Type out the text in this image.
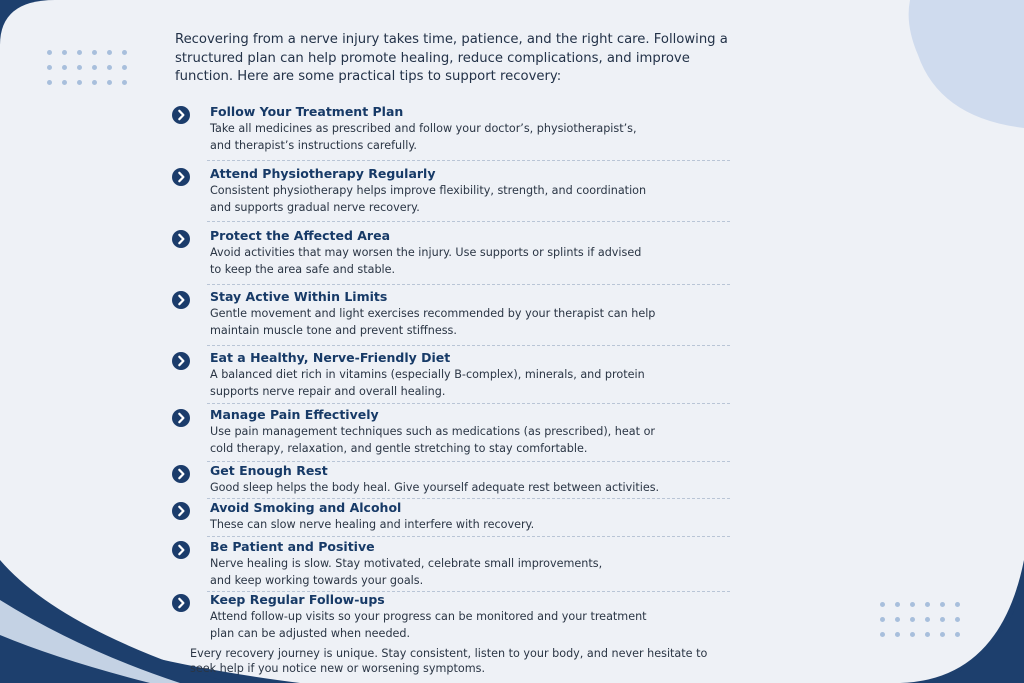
Recovering from a nerve injury takes time, patience, and the right care. Following a structured plan can help promote healing, reduce complications, and improve function. Here are some practical tips to support recovery:

Follow Your Treatment Plan
Take all medicines as prescribed and follow your doctor’s, physiotherapist’s,
and therapist’s instructions carefully.
Attend Physiotherapy Regularly
Consistent physiotherapy helps improve flexibility, strength, and coordination
and supports gradual nerve recovery.
Protect the Affected Area
Avoid activities that may worsen the injury. Use supports or splints if advised
to keep the area safe and stable.
Stay Active Within Limits
Gentle movement and light exercises recommended by your therapist can help
maintain muscle tone and prevent stiffness.
Eat a Healthy, Nerve-Friendly Diet
A balanced diet rich in vitamins (especially B-complex), minerals, and protein
supports nerve repair and overall healing.
Manage Pain Effectively
Use pain management techniques such as medications (as prescribed), heat or
cold therapy, relaxation, and gentle stretching to stay comfortable.
Get Enough Rest
Good sleep helps the body heal. Give yourself adequate rest between activities.
Avoid Smoking and Alcohol
These can slow nerve healing and interfere with recovery.
Be Patient and Positive
Nerve healing is slow. Stay motivated, celebrate small improvements,
and keep working towards your goals.
Keep Regular Follow-ups
Attend follow-up visits so your progress can be monitored and your treatment
plan can be adjusted when needed.
Every recovery journey is unique. Stay consistent, listen to your body, and never hesitate to seek help if you notice new or worsening symptoms.
